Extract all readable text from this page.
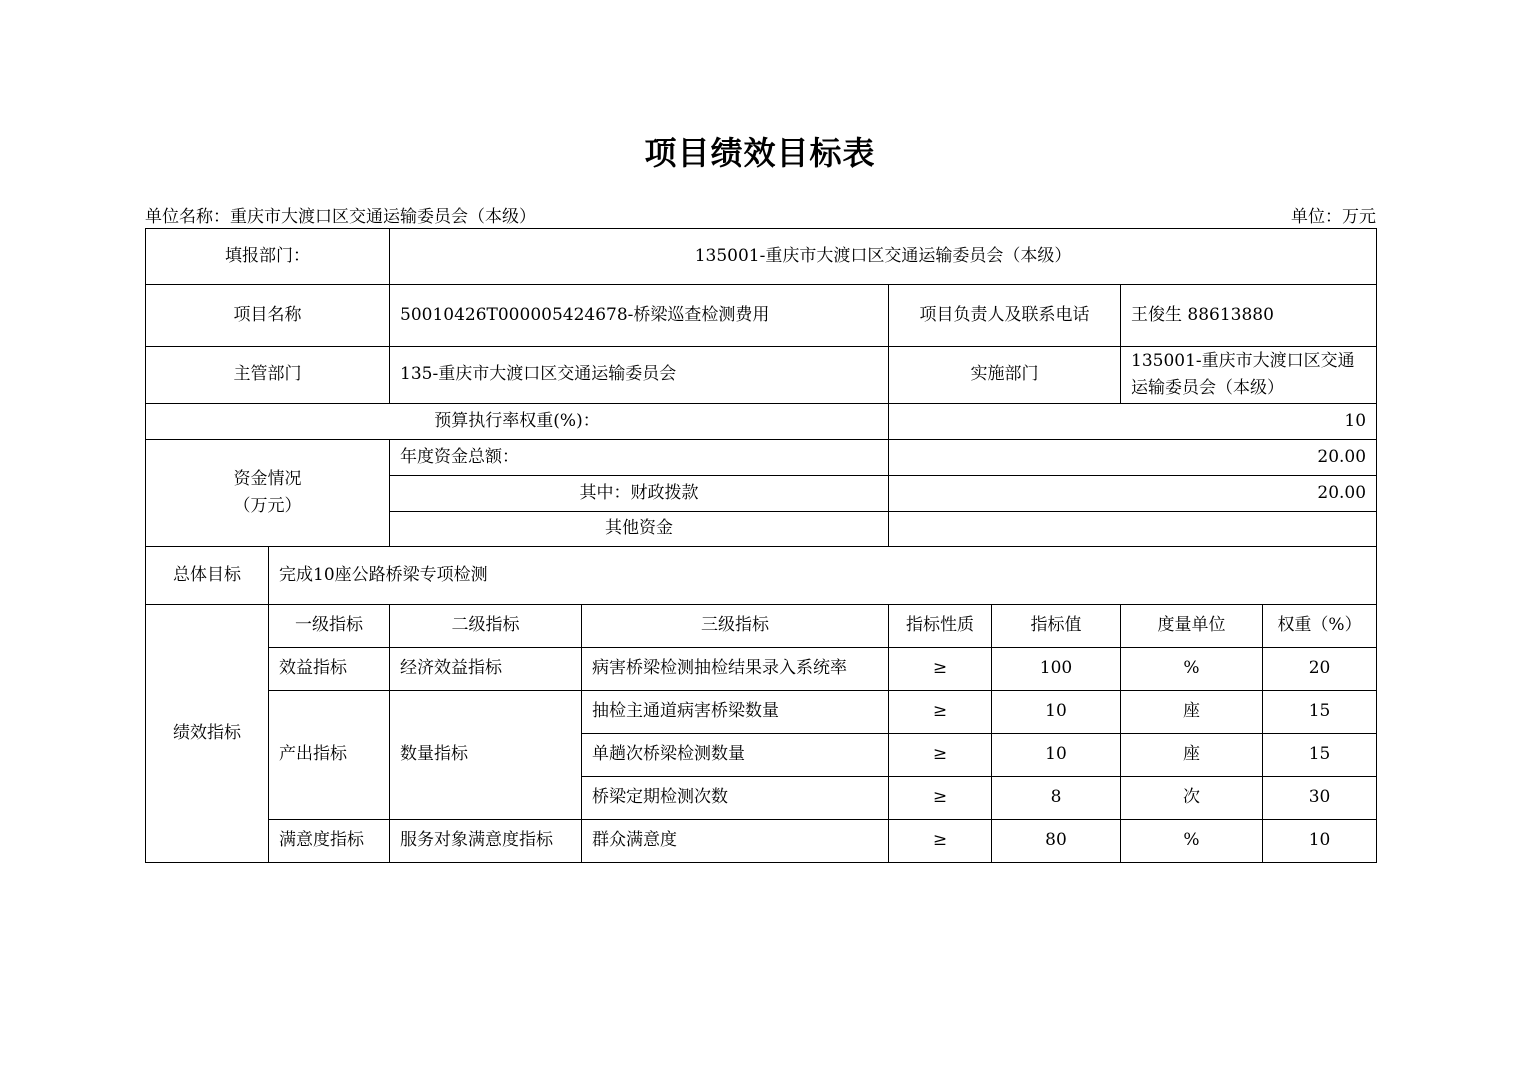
项目绩效目标表
单位名称：重庆市大渡口区交通运输委员会（本级）	单位：万元
填报部门：		135001-重庆市大渡口区交通运输委员会（本级）					
项目名称		50010426T000005424678-桥梁巡查检测费用		项目负责人及联系电话		王俊生 88613880	
主管部门		135-重庆市大渡口区交通运输委员会		实施部门		135001-重庆市大渡口区交通运输委员会（本级）	
预算执行率权重(%)：				10			

资金情况
（万元）		年度资金总额：		20.00			
		其中：财政拨款		20.00			
		其他资金					
总体目标	完成10座公路桥梁专项检测						
绩效指标	一级指标	二级指标	三级指标	指标性质	指标值	度量单位	权重（%）
	效益指标	经济效益指标	病害桥梁检测抽检结果录入系统率	≥	100	%	20
	产出指标	数量指标	抽检主通道病害桥梁数量	≥	10	座	15
			单趟次桥梁检测数量	≥	10	座	15
			桥梁定期检测次数	≥	8	次	30
	满意度指标	服务对象满意度指标	群众满意度	≥	80	%	10
